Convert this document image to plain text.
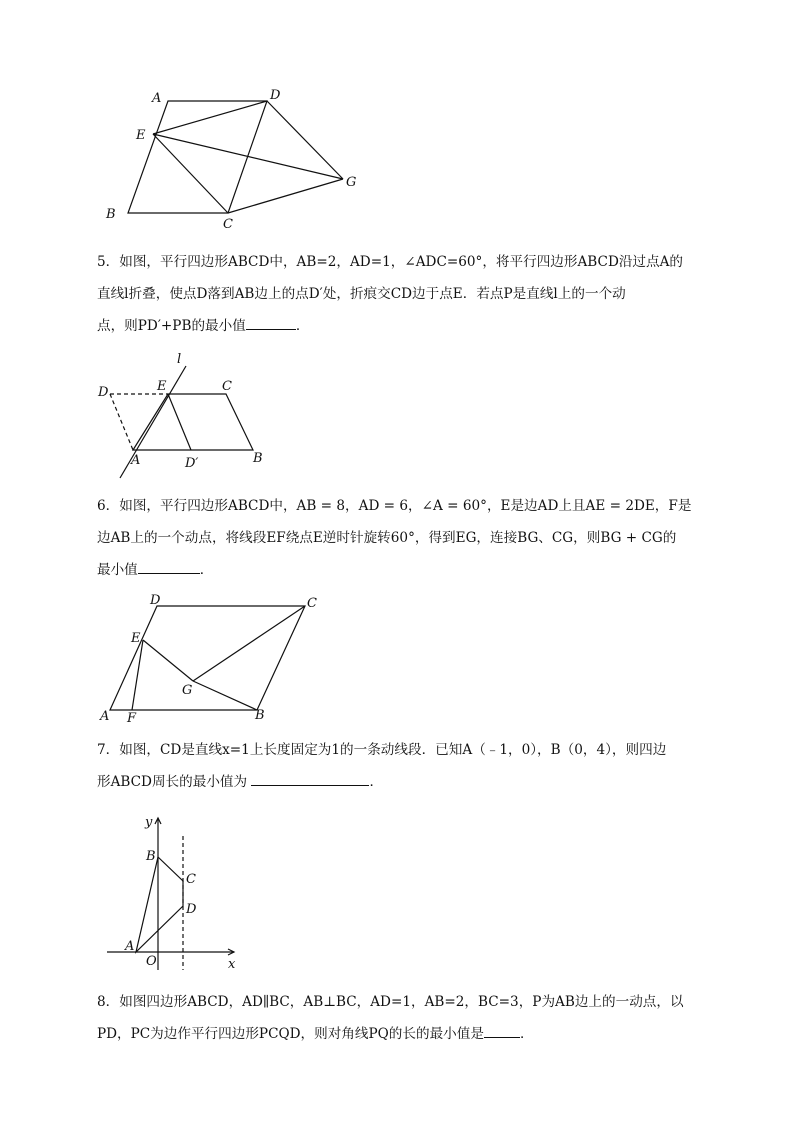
A	D
E
G
B
C

5．如图，平行四边形ABCD中，AB=2，AD=1，∠ADC=60°，将平行四边形ABCD沿过点A的

直线l折叠，使点D落到AB边上的点D′处，折痕交CD边于点E．若点P是直线l上的一个动

点，则PD′+PB的最小值	．

l
D	E	C
A	D′	B

6．如图，平行四边形ABCD中，AB = 8，AD = 6，∠A = 60°，E是边AD上且AE = 2DE，F是

边AB上的一个动点，将线段EF绕点E逆时针旋转60°，得到EG，连接BG、CG，则BG + CG的

最小值	．

D	C
E
G
A F	B

7．如图，CD是直线x=1上长度固定为1的一条动线段．已知A（﹣1，0），B（0，4），则四边

形ABCD周长的最小值为	．

y
B
C
D
A
O	x

8．如图四边形ABCD，AD∥BC，AB⊥BC，AD=1，AB=2，BC=3，P为AB边上的一动点，以

PD，PC为边作平行四边形PCQD，则对角线PQ的长的最小值是	．
